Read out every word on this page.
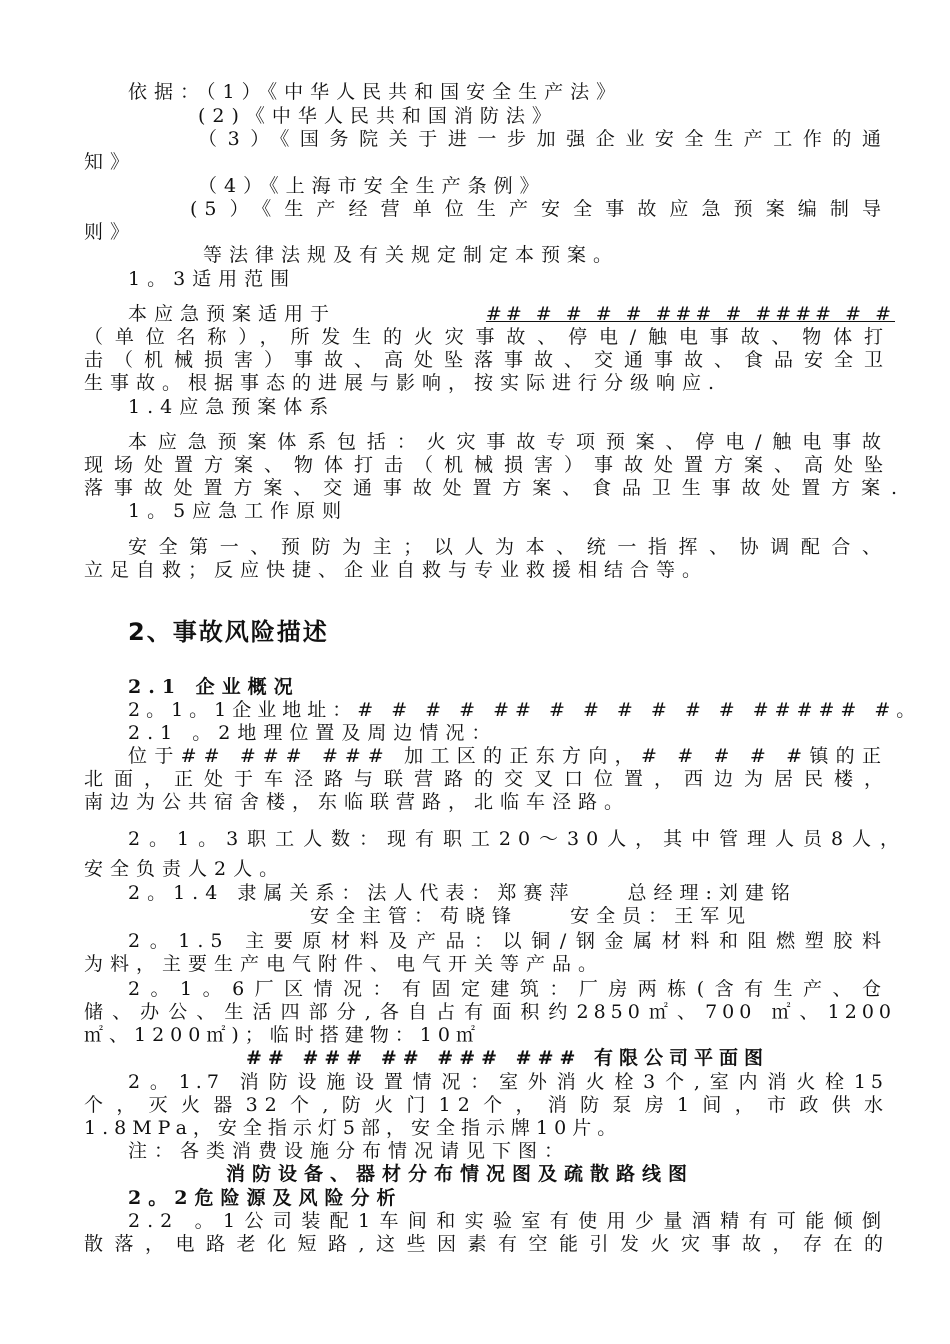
依据：（1）《中华人民共和国安全生产法》
(2)《中华人民共和国消防法》
（3）《国务院关于进一步加强企业安全生产工作的通
知》
（4）《上海市安全生产条例》
(5）《生产经营单位生产安全事故应急预案编制导
则》
等法律法规及有关规定制定本预案。
1。3适用范围
本应急预案适用于	## # # # # ### # #### # #
（单位名称），所发生的火灾事故、停电/触电事故、物体打
击（机械损害）事故、高处坠落事故、交通事故、食品安全卫
生事故。根据事态的进展与影响，按实际进行分级响应.
1.4应急预案体系
本应急预案体系包括：火灾事故专项预案、停电/触电事故
现场处置方案、物体打击（机械损害）事故处置方案、高处坠
落事故处置方案、交通事故处置方案、食品卫生事故处置方案.
1。5应急工作原则
安全第一、预防为主；以人为本、统一指挥、协调配合、
立足自救；反应快捷、企业自救与专业救援相结合等。
2、事故风险描述
2.1 企业概况
2。1。1企业地址：# # # # ## # # # # # # ##### #。
2.1 。2地理位置及周边情况：
位于## ### ### 加工区的正东方向，# # # # #镇的正
北面，正处于车泾路与联营路的交叉口位置，西边为居民楼，
南边为公共宿舍楼，东临联营路，北临车泾路。
2。1。3职工人数：现有职工20～30人，其中管理人员8人，
安全负责人2人。
2。1.4 隶属关系：法人代表：郑赛萍    总经理:刘建铭
安全主管：苟晓锋    安全员：王军见
2。1.5 主要原材料及产品：以铜/钢金属材料和阻燃塑胶料
为料，主要生产电气附件、电气开关等产品。
2。1。6厂区情况：有固定建筑：厂房两栋(含有生产、仓
储、办公、生活四部分,各自占有面积约2850㎡、700 ㎡、1200
㎡、1200㎡)；临时搭建物：10㎡
## ### ## ### ### 有限公司平面图
2。1.7 消防设施设置情况：室外消火栓3个,室内消火栓15
个，灭火器32个,防火门12个，消防泵房1间，市政供水
1.8MPa，安全指示灯5部，安全指示牌10片。
注：各类消费设施分布情况请见下图：
消防设备、器材分布情况图及疏散路线图
2。2危险源及风险分析
2.2 。1公司装配1车间和实验室有使用少量酒精有可能倾倒
散落，电路老化短路,这些因素有空能引发火灾事故，存在的
